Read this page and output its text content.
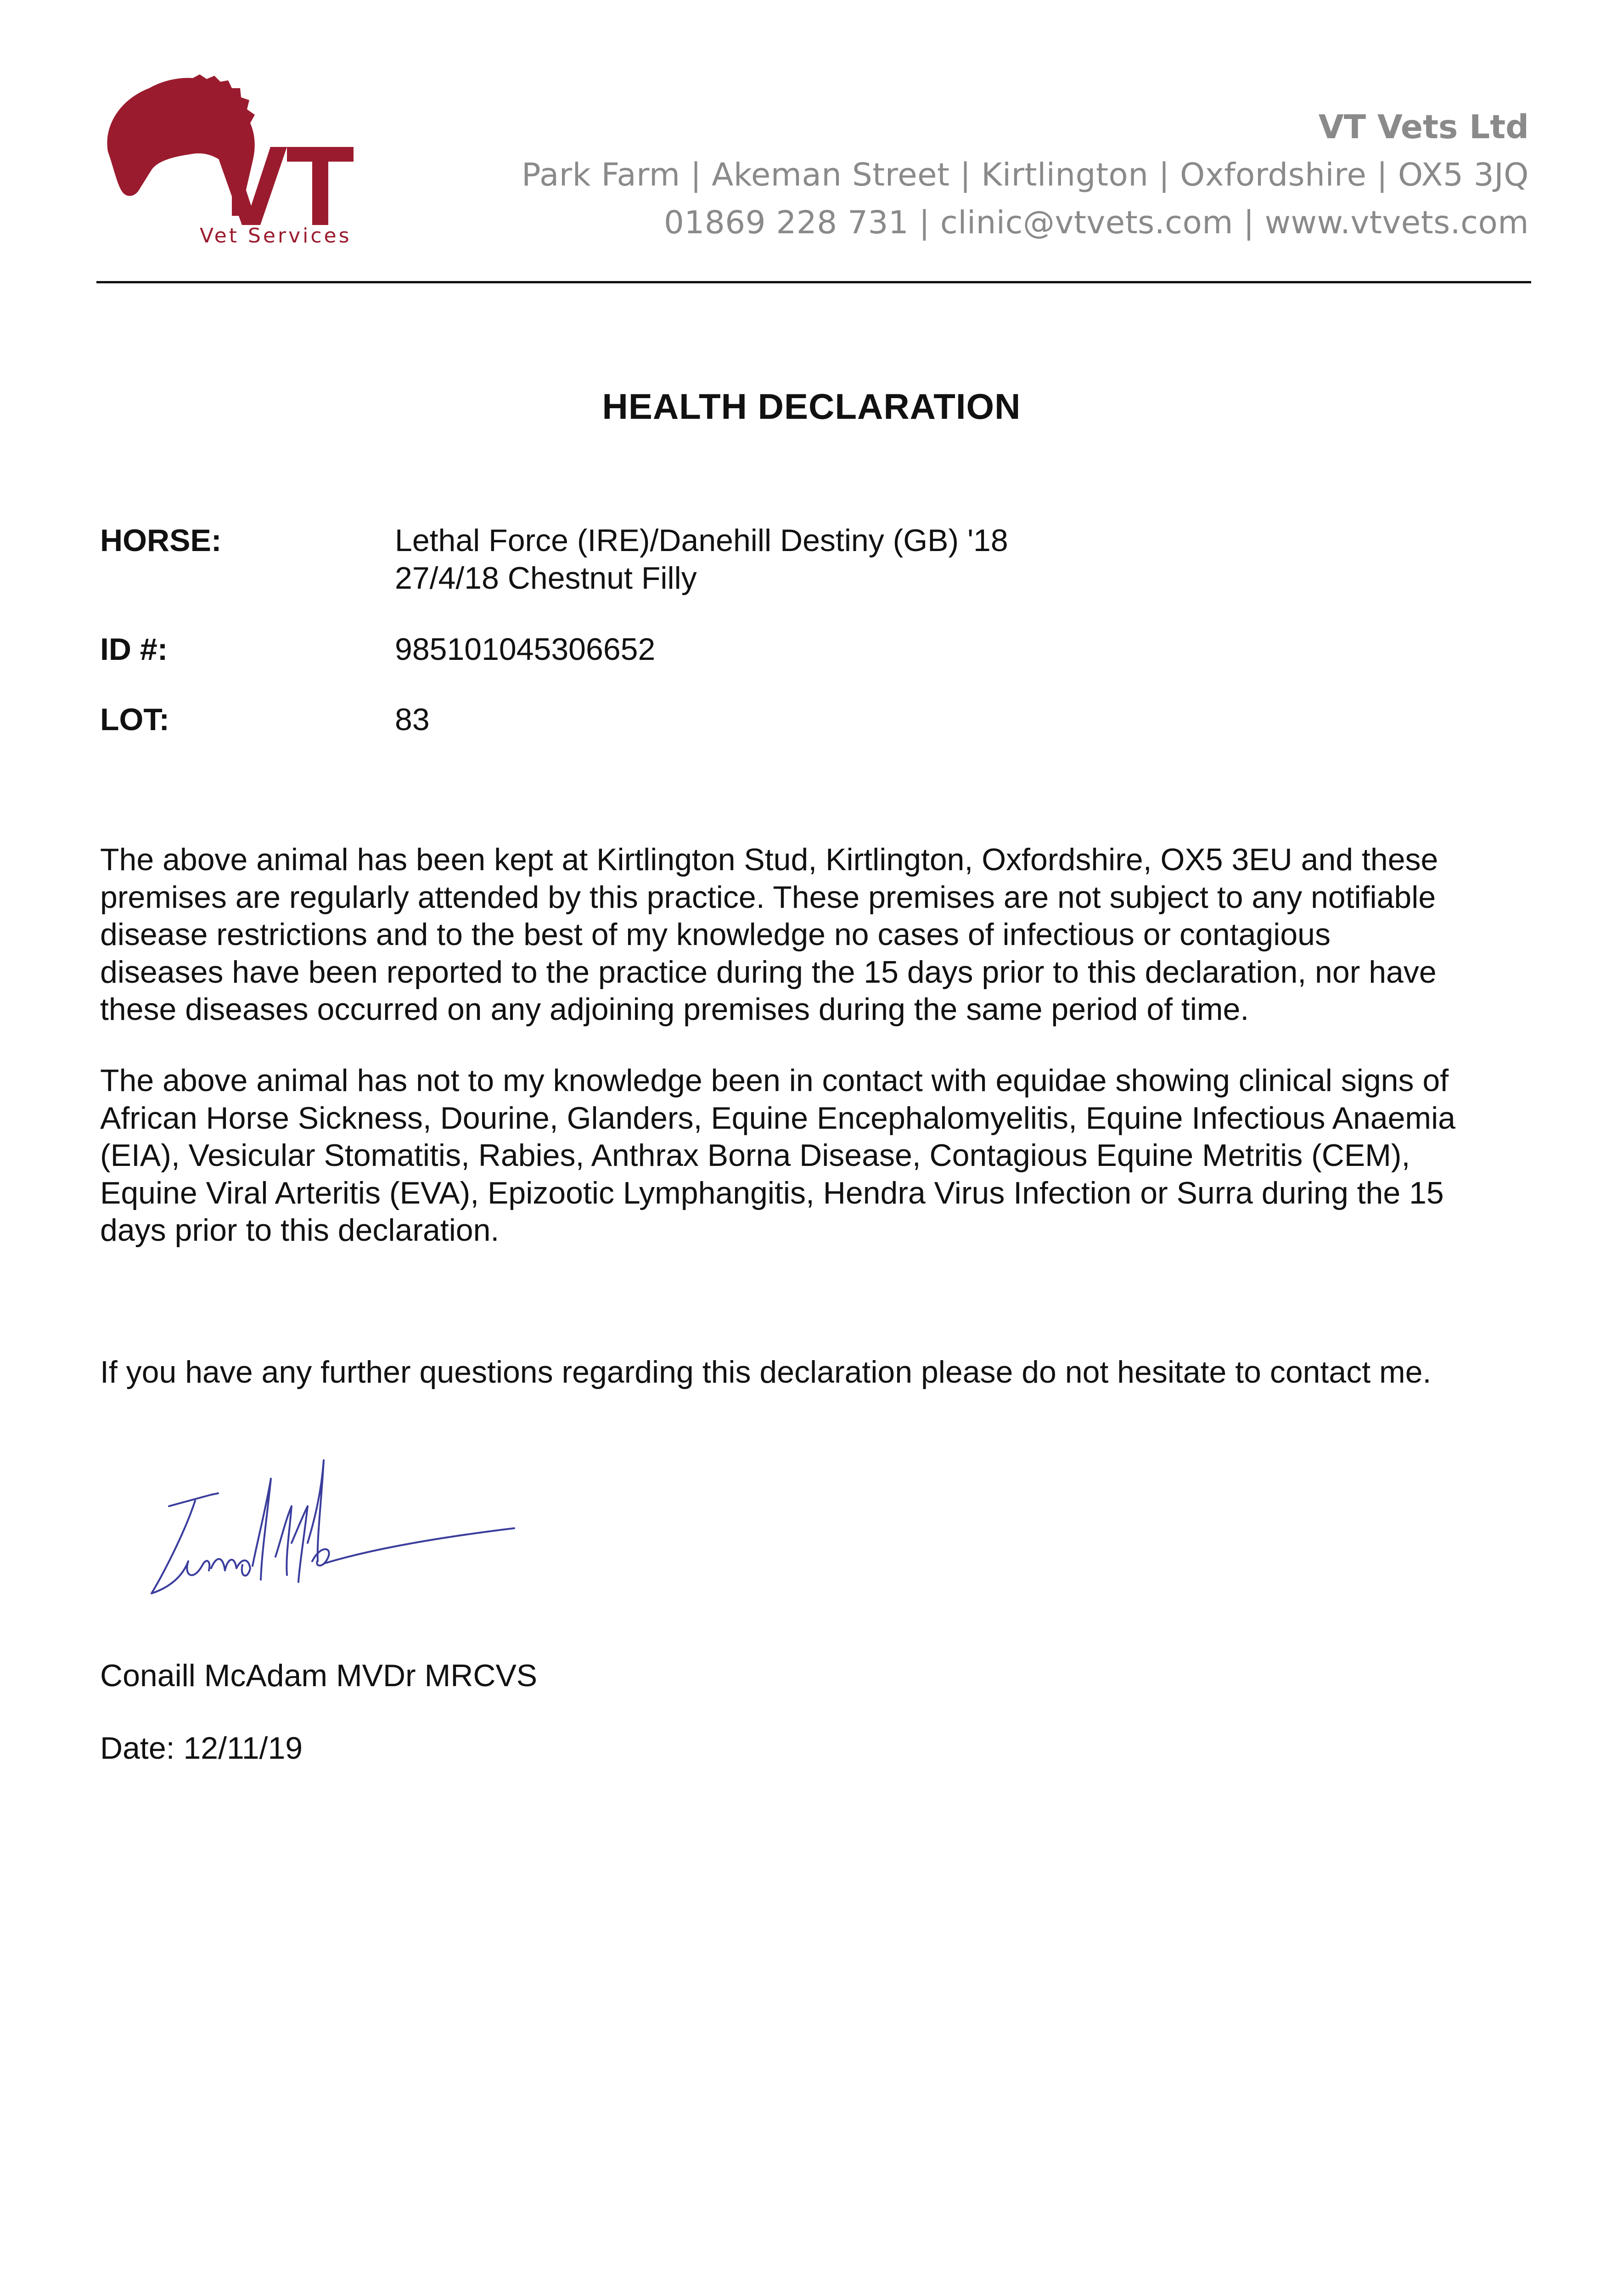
Vet Services
VT Vets Ltd
Park Farm | Akeman Street | Kirtlington | Oxfordshire | OX5 3JQ
01869 228 731 | clinic@vtvets.com | www.vtvets.com
HEALTH DECLARATION
HORSE:	Lethal Force (IRE)/Danehill Destiny (GB) '18
27/4/18 Chestnut Filly
ID #:	985101045306652
LOT:	83
The above animal has been kept at Kirtlington Stud, Kirtlington, Oxfordshire, OX5 3EU and these
premises are regularly attended by this practice. These premises are not subject to any notifiable
disease restrictions and to the best of my knowledge no cases of infectious or contagious
diseases have been reported to the practice during the 15 days prior to this declaration, nor have
these diseases occurred on any adjoining premises during the same period of time.
The above animal has not to my knowledge been in contact with equidae showing clinical signs of
African Horse Sickness, Dourine, Glanders, Equine Encephalomyelitis, Equine Infectious Anaemia
(EIA), Vesicular Stomatitis, Rabies, Anthrax Borna Disease, Contagious Equine Metritis (CEM),
Equine Viral Arteritis (EVA), Epizootic Lymphangitis, Hendra Virus Infection or Surra during the 15
days prior to this declaration.
If you have any further questions regarding this declaration please do not hesitate to contact me.
Conaill McAdam MVDr MRCVS
Date: 12/11/19
